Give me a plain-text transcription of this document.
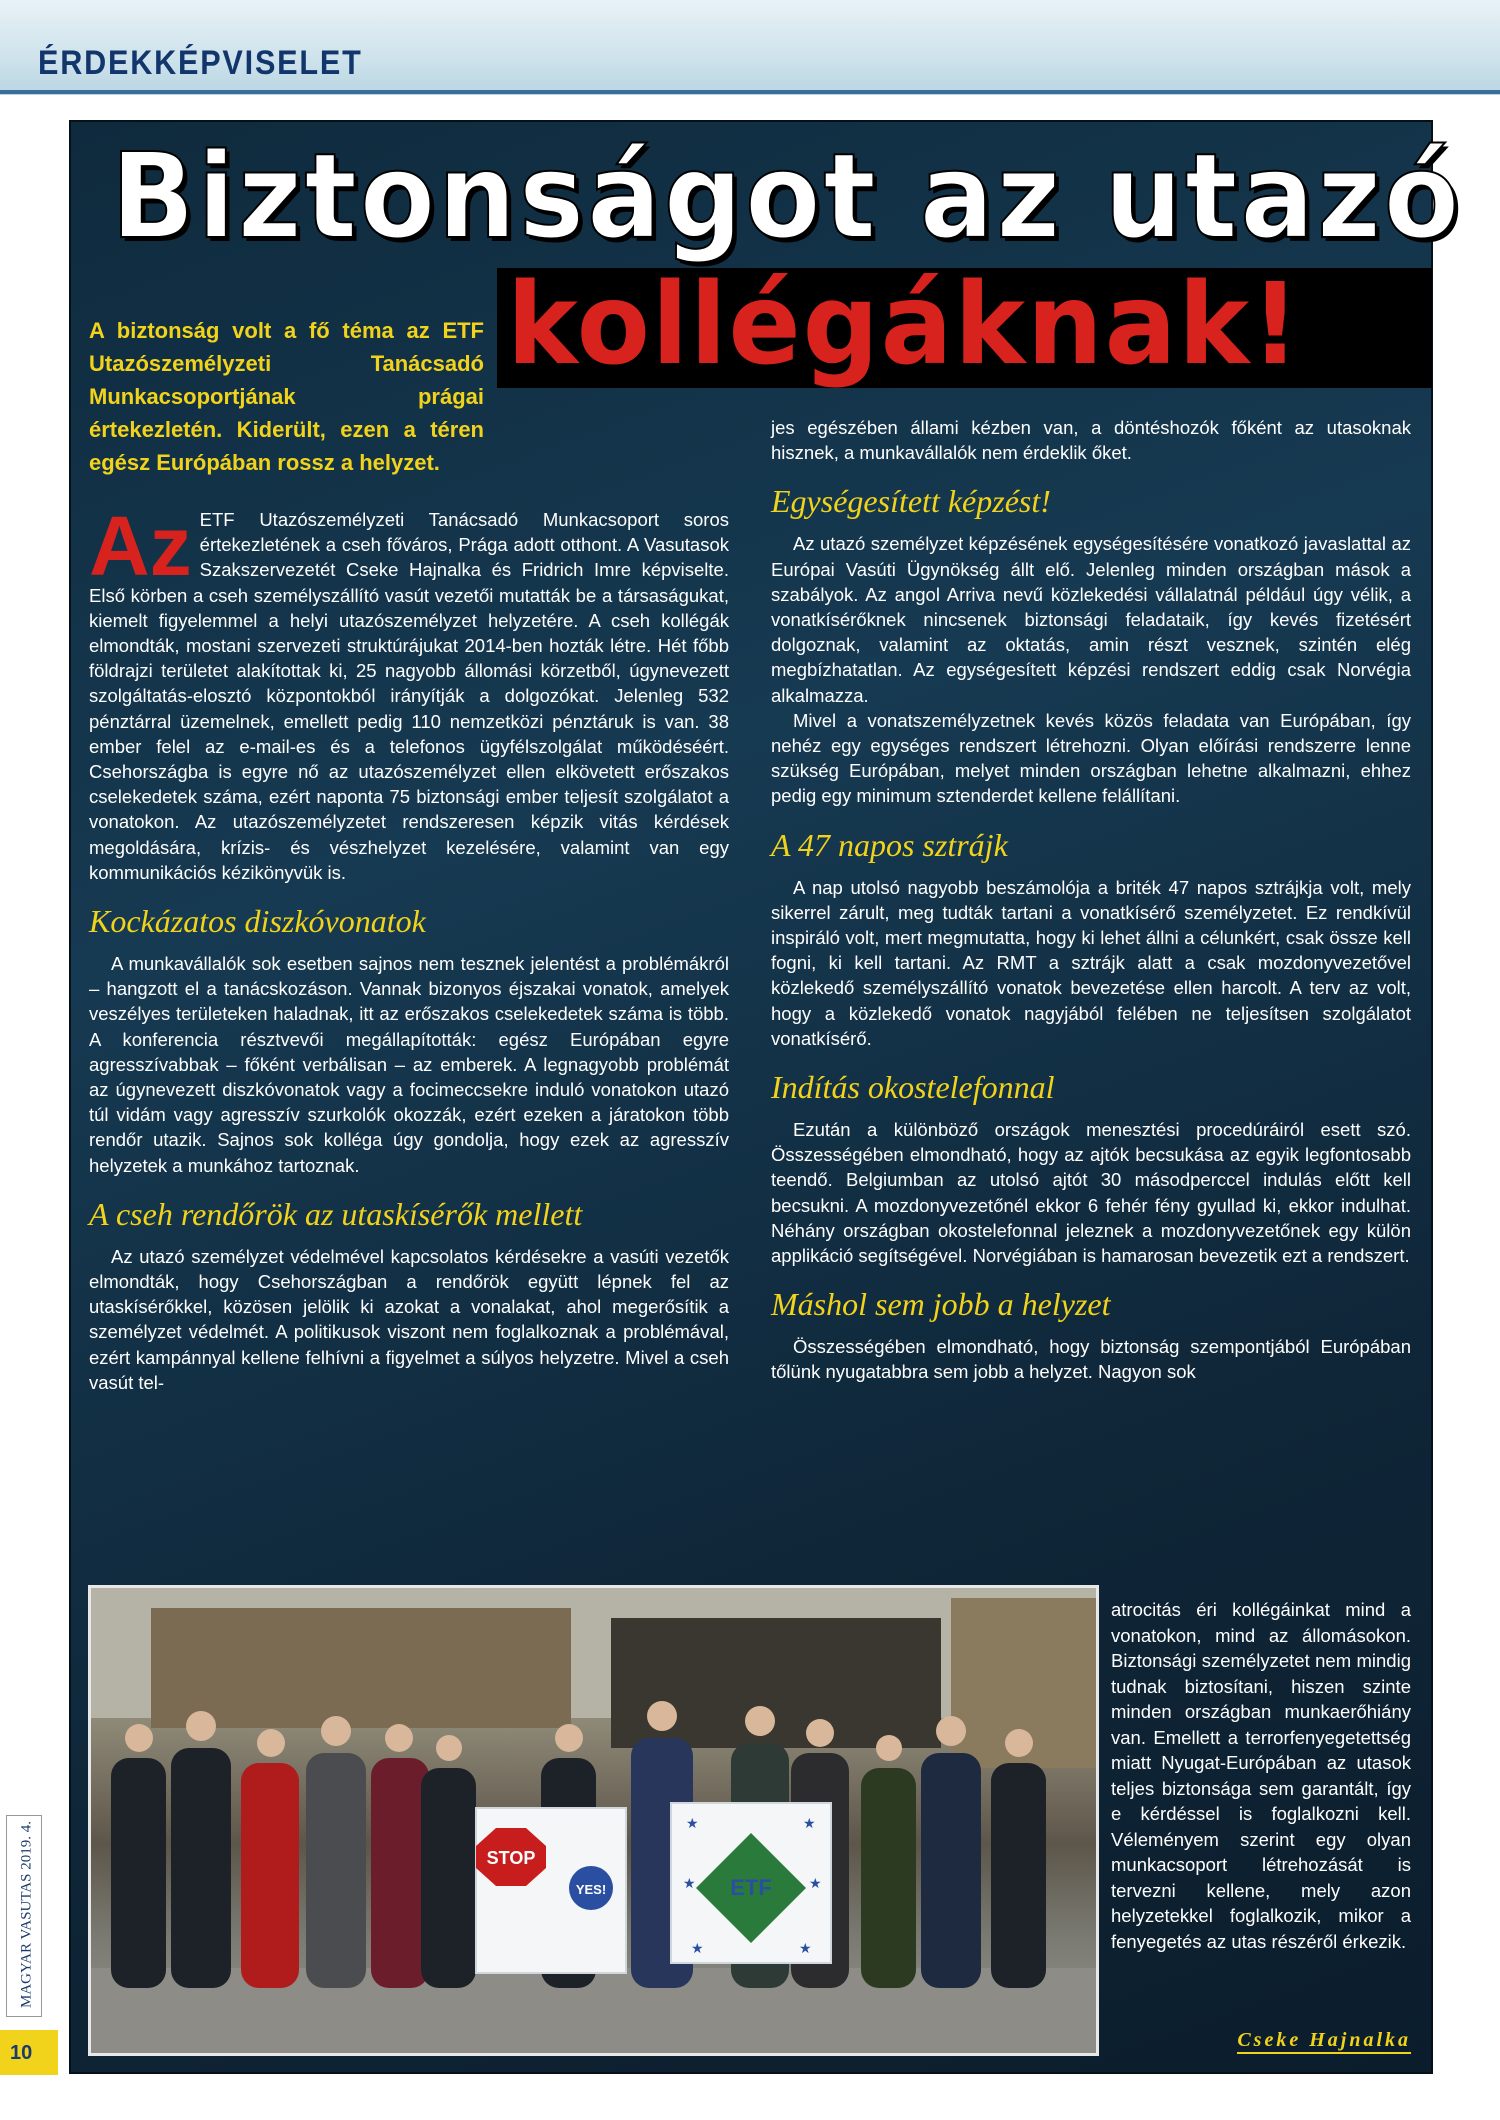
ÉRDEKKÉPVISELET
Biztonságot az utazó
kollégáknak!
A biztonság volt a fő téma az ETF Utazószemélyzeti Tanácsadó Munkacsoportjának prágai értekezletén. Kiderült, ezen a téren egész Európában rossz a helyzet.

Az ETF Utazószemélyzeti Tanácsadó Munkacsoport soros értekezletének a cseh főváros, Prága adott otthont. A Vasutasok Szakszervezetét Cseke Hajnalka és Fridrich Imre képviselte. Első körben a cseh személyszállító vasút vezetői mutatták be a társaságukat, kiemelt figyelemmel a helyi utazószemélyzet helyzetére. A cseh kollégák elmondták, mostani szervezeti struktúrájukat 2014-ben hozták létre. Hét főbb földrajzi területet alakítottak ki, 25 nagyobb állomási körzetből, úgynevezett szolgáltatás-elosztó központokból irányítják a dolgozókat. Jelenleg 532 pénztárral üzemelnek, emellett pedig 110 nemzetközi pénztáruk is van. 38 ember felel az e-mail-es és a telefonos ügyfélszolgálat működéséért. Csehországba is egyre nő az utazószemélyzet ellen elkövetett erőszakos cselekedetek száma, ezért naponta 75 biztonsági ember teljesít szolgálatot a vonatokon. Az utazószemélyzetet rendszeresen képzik vitás kérdések megoldására, krízis- és vészhelyzet kezelésére, valamint van egy kommunikációs kézikönyvük is.

Kockázatos diszkóvonatok

A munkavállalók sok esetben sajnos nem tesznek jelentést a problémákról – hangzott el a tanácskozáson. Vannak bizonyos éjszakai vonatok, amelyek veszélyes területeken haladnak, itt az erőszakos cselekedetek száma is több. A konferencia résztvevői megállapították: egész Európában egyre agresszívabbak – főként verbálisan – az emberek. A legnagyobb problémát az úgynevezett diszkóvonatok vagy a focimeccsekre induló vonatokon utazó túl vidám vagy agresszív szurkolók okozzák, ezért ezeken a járatokon több rendőr utazik. Sajnos sok kollégа úgy gondolja, hogy ezek az agresszív helyzetek a munkához tartoznak.

A cseh rendőrök az utaskísérők mellett

Az utazó személyzet védelmével kapcsolatos kérdésekre a vasúti vezetők elmondták, hogy Csehországban a rendőrök együtt lépnek fel az utaskísérőkkel, közösen jelölik ki azokat a vonalakat, ahol megerősítik a személyzet védelmét. A politikusok viszont nem foglalkoznak a problémával, ezért kampánnyal kellene felhívni a figyelmet a súlyos helyzetre. Mivel a cseh vasút tel-

jes egészében állami kézben van, a döntéshozók főként az utasoknak hisznek, a munkavállalók nem érdeklik őket.

Egységesített képzést!

Az utazó személyzet képzésének egységesítésére vonatkozó javaslattal az Európai Vasúti Ügynökség állt elő. Jelenleg minden országban mások a szabályok. Az angol Arriva nevű közlekedési vállalatnál például úgy vélik, a vonatkísérőknek nincsenek biztonsági feladataik, így kevés fizetésért dolgoznak, valamint az oktatás, amin részt vesznek, szintén elég megbízhatatlan. Az egységesített képzési rendszert eddig csak Norvégia alkalmazza.

Mivel a vonatszemélyzetnek kevés közös feladata van Európában, így nehéz egy egységes rendszert létrehozni. Olyan előírási rendszerre lenne szükség Európában, melyet minden országban lehetne alkalmazni, ehhez pedig egy minimum sztenderdet kellene felállítani.

A 47 napos sztrájk

A nap utolsó nagyobb beszámolója a briték 47 napos sztrájkja volt, mely sikerrel zárult, meg tudták tartani a vonatkísérő személyzetet. Ez rendkívül inspiráló volt, mert megmutatta, hogy ki lehet állni a célunkért, csak össze kell fogni, ki kell tartani. Az RMT a sztrájk alatt a csak mozdonyvezetővel közlekedő személyszállító vonatok bevezetése ellen harcolt. A terv az volt, hogy a közlekedő vonatok nagyjából felében ne teljesítsen szolgálatot vonatkísérő.

Indítás okostelefonnal

Ezután a különböző országok menesztési procedúráiról esett szó. Összességében elmondható, hogy az ajtók becsukása az egyik legfontosabb teendő. Belgiumban az utolsó ajtót 30 másodperccel indulás előtt kell becsukni. A mozdonyvezetőnél ekkor 6 fehér fény gyullad ki, ekkor indulhat. Néhány országban okostelefonnal jeleznek a mozdonyvezetőnek egy külön applikáció segítségével. Norvégiában is hamarosan bevezetik ezt a rendszert.

Máshol sem jobb a helyzet

Összességében elmondható, hogy biztonság szempontjából Európában tőlünk nyugatabbra sem jobb a helyzet. Nagyon sok

STOP
YES!	ETF
★	★
★	★
★	★
atrocitás éri kollégáinkat mind a vonatokon, mind az állomásokon. Biztonsági személyzetet nem mindig tudnak biztosítani, hiszen szinte minden országban munkaerőhiány van. Emellett a terrorfenyegetettség miatt Nyugat-Európában az utasok teljes biztonsága sem garantált, így e kérdéssel is foglalkozni kell. Véleményem szerint egy olyan munkacsoport létrehozását is tervezni kellene, mely azon helyzetekkel foglalkozik, mikor a fenyegetés az utas részéről érkezik.
Cseke Hajnalka
MAGYAR VASUTAS 2019. 4.
10
